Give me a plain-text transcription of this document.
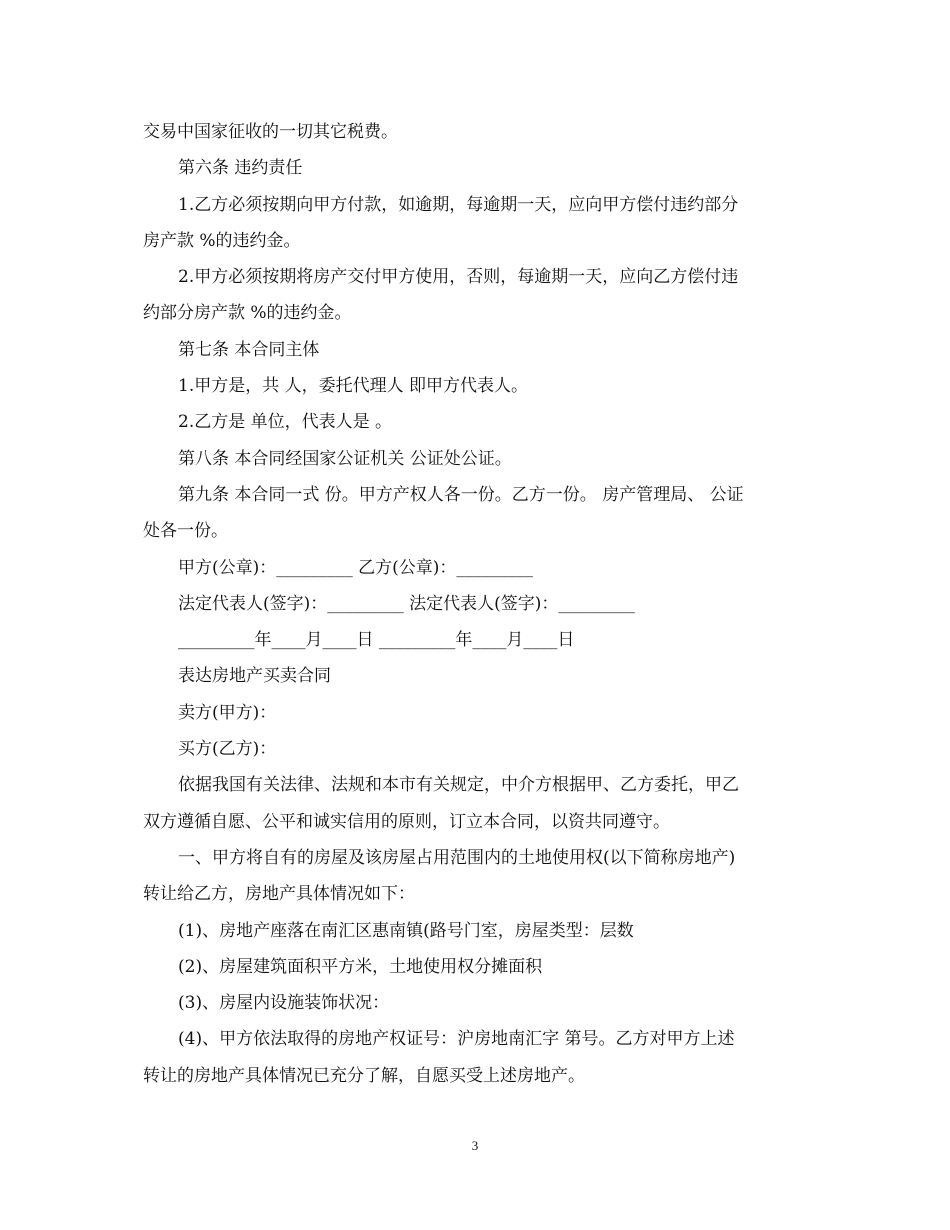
交易中国家征收的一切其它税费。
第六条 违约责任
1.乙方必须按期向甲方付款，如逾期，每逾期一天，应向甲方偿付违约部分
房产款 %的违约金。
2.甲方必须按期将房产交付甲方使用，否则，每逾期一天，应向乙方偿付违
约部分房产款 %的违约金。
第七条 本合同主体
1.甲方是，共 人，委托代理人 即甲方代表人。
2.乙方是 单位，代表人是 。
第八条 本合同经国家公证机关 公证处公证。
第九条 本合同一式 份。甲方产权人各一份。乙方一份。 房产管理局、 公证
处各一份。
甲方(公章)：_________ 乙方(公章)：_________
法定代表人(签字)：_________ 法定代表人(签字)：_________
_________年____月____日 _________年____月____日
表达房地产买卖合同
卖方(甲方)：
买方(乙方)：
依据我国有关法律、法规和本市有关规定，中介方根据甲、乙方委托，甲乙
双方遵循自愿、公平和诚实信用的原则，订立本合同，以资共同遵守。
一、甲方将自有的房屋及该房屋占用范围内的土地使用权(以下简称房地产)
转让给乙方，房地产具体情况如下：
(1)、房地产座落在南汇区惠南镇(路号门室，房屋类型：层数
(2)、房屋建筑面积平方米，土地使用权分摊面积
(3)、房屋内设施装饰状况：
(4)、甲方依法取得的房地产权证号：沪房地南汇字 第号。乙方对甲方上述
转让的房地产具体情况已充分了解，自愿买受上述房地产。
3
